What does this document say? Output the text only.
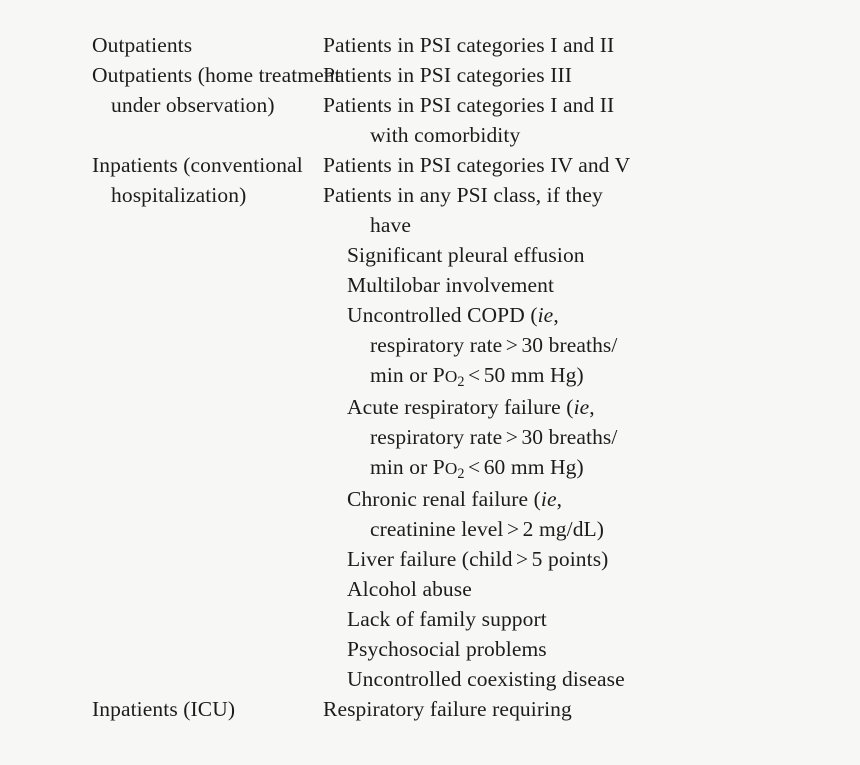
Outpatients	Patients in PSI categories I and II
Outpatients (home treatment
under observation)
Patients in PSI categories III
Patients in PSI categories I and II
with comorbidity
Inpatients (conventional
hospitalization)
Patients in PSI categories IV and V
Patients in any PSI class, if they
have
Significant pleural effusion
Multilobar involvement
Uncontrolled COPD (ie,
respiratory rate > 30 breaths/
min or $PO_2 < 50$ mm Hg)
Acute respiratory failure (ie,
respiratory rate > 30 breaths/
min or $PO_2 < 60$ mm Hg)
Chronic renal failure (ie,
creatinine level > 2 mg/dL)
Liver failure (child > 5 points)
Alcohol abuse
Lack of family support
Psychosocial problems
Uncontrolled coexisting disease
Inpatients (ICU)	Respiratory failure requiring
